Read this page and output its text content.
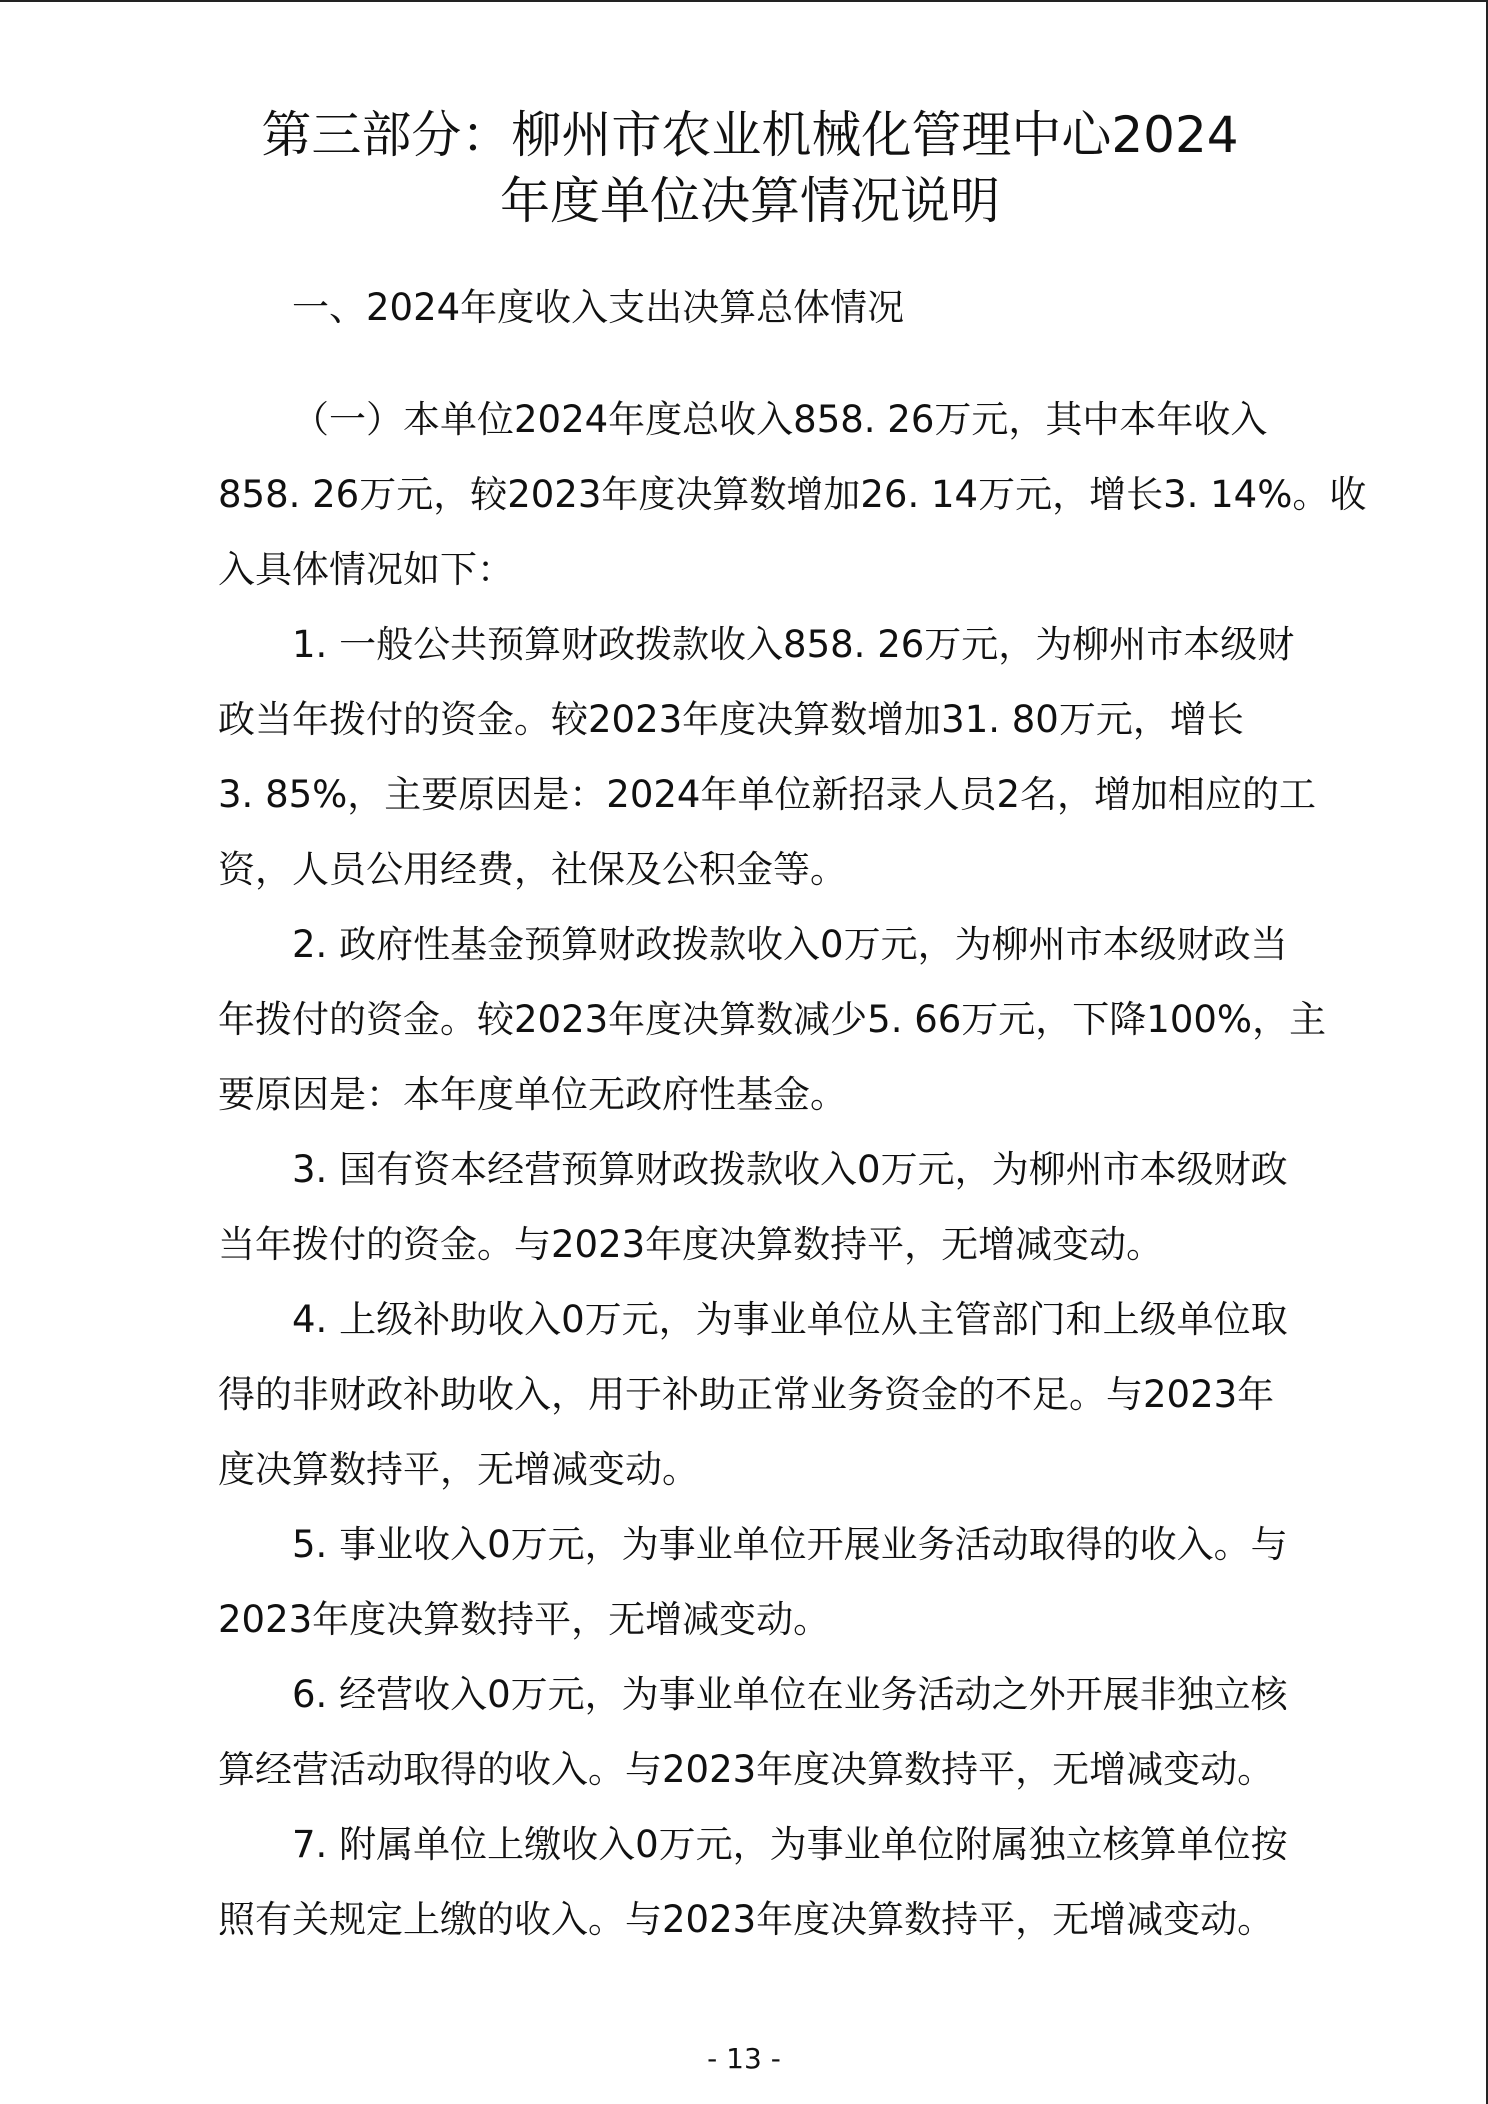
第三部分：柳州市农业机械化管理中心2024
年度单位决算情况说明
一、2024年度收入支出决算总体情况

（一）本单位2024年度总收入858. 26万元，其中本年收入

858. 26万元，较2023年度决算数增加26. 14万元，增长3. 14%。收

入具体情况如下：

1. 一般公共预算财政拨款收入858. 26万元，为柳州市本级财

政当年拨付的资金。较2023年度决算数增加31. 80万元，增长

3. 85%，主要原因是：2024年单位新招录人员2名，增加相应的工

资，人员公用经费，社保及公积金等。

2. 政府性基金预算财政拨款收入0万元，为柳州市本级财政当

年拨付的资金。较2023年度决算数减少5. 66万元，下降100%，主

要原因是：本年度单位无政府性基金。

3. 国有资本经营预算财政拨款收入0万元，为柳州市本级财政

当年拨付的资金。与2023年度决算数持平，无增减变动。

4. 上级补助收入0万元，为事业单位从主管部门和上级单位取

得的非财政补助收入，用于补助正常业务资金的不足。与2023年

度决算数持平，无增减变动。

5. 事业收入0万元，为事业单位开展业务活动取得的收入。与

2023年度决算数持平，无增减变动。

6. 经营收入0万元，为事业单位在业务活动之外开展非独立核

算经营活动取得的收入。与2023年度决算数持平，无增减变动。

7. 附属单位上缴收入0万元，为事业单位附属独立核算单位按

照有关规定上缴的收入。与2023年度决算数持平，无增减变动。

- 13 -
